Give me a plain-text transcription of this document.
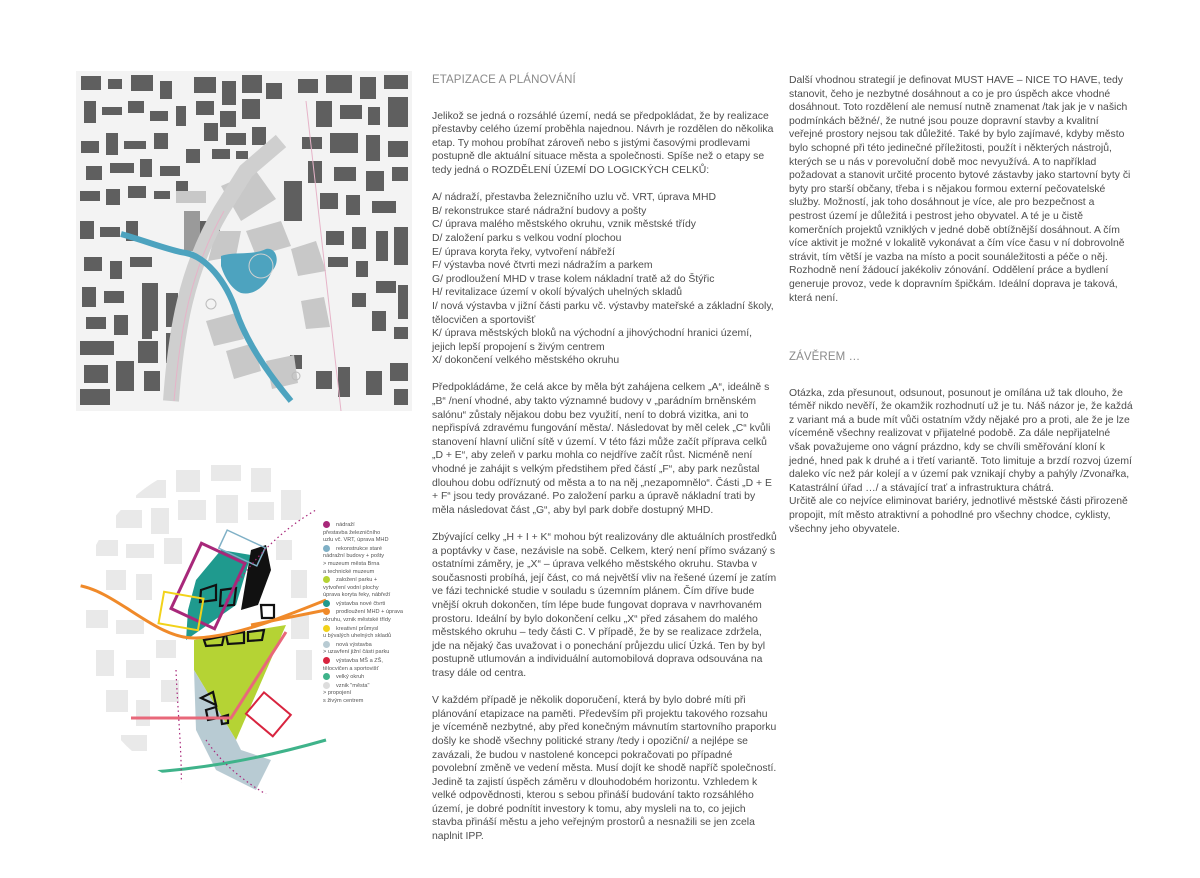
nádraží
přestavba železničního
uzlu vč. VRT, úprava MHD
rekonstrukce staré
nádražní budovy + pošty
> muzeum města Brna
a technické muzeum
založení parku +
vytvoření vodní plochy
úprava koryta řeky, nábřeží
výstavba nové čtvrti
prodloužení MHD + úprava
okruhu, vznik městské třídy
kreativní průmysl
u bývalých uhelných skladů
nová výstavba
> uzavření jižní části parku
výstavba MŠ a ZŠ,
tělocvičen a sportovišť
velký okruh
vznik "města"
> propojení
s živým centrem
ETAPIZACE A PLÁNOVÁNÍ

Jelikož se jedná o rozsáhlé území, nedá se předpokládat, že by realizace přestavby celého území proběhla najednou. Návrh je rozdělen do několika etap. Ty mohou probíhat zároveň nebo s jistými časovými prodlevami postupně dle aktuální situace města a společnosti. Spíše než o etapy se tedy jedná o ROZDĚLENÍ ÚZEMÍ DO LOGICKÝCH CELKŮ:

A/ nádraží, přestavba železničního uzlu vč. VRT, úprava MHD
B/ rekonstrukce staré nádražní budovy a pošty
C/ úprava malého městského okruhu, vznik městské třídy
D/ založení parku s velkou vodní plochou
E/ úprava koryta řeky, vytvoření nábřeží
F/ výstavba nové čtvrti mezi nádražím a parkem
G/ prodloužení MHD v trase kolem nákladní tratě až do Štýřic
H/ revitalizace území v okolí bývalých uhelných skladů
I/ nová výstavba v jižní části parku vč. výstavby mateřské a základní školy, tělocvičen a sportovišť
K/ úprava městských bloků na východní a jihovýchodní hranici území, jejich lepší propojení s živým centrem
X/ dokončení velkého městského okruhu

Předpokládáme, že celá akce by měla být zahájena celkem „A“, ideálně s „B“ /není vhodné, aby takto významné budovy v „parádním brněnském salónu“ zůstaly nějakou dobu bez využití, není to dobrá vizitka, ani to nepřispívá zdravému fungování města/. Následovat by měl celek „C“ kvůli stanovení hlavní uliční sítě v území. V této fázi může začít příprava celků „D + E“, aby zeleň v parku mohla co nejdříve začít růst. Nicméně není vhodné je zahájit s velkým předstihem před částí „F“, aby park nezůstal dlouhou dobu odříznutý od města a to na něj „nezapomnělo“. Části „D + E + F“ jsou tedy provázané. Po založení parku a úpravě nákladní trati by měla následovat část „G“, aby byl park dobře dostupný MHD.

Zbývající celky „H + I + K“ mohou být realizovány dle aktuálních prostředků a poptávky v čase, nezávisle na sobě. Celkem, který není přímo svázaný s ostatními záměry, je „X“ – úprava velkého městského okruhu. Stavba v současnosti probíhá, její část, co má největší vliv na řešené území je zatím ve fázi technické studie v souladu s územním plánem. Čím dříve bude vnější okruh dokončen, tím lépe bude fungovat doprava v navrhovaném prostoru. Ideální by bylo dokončení celku „X“ před zásahem do malého městského okruhu – tedy části C. V případě, že by se realizace zdržela, jde na nějaký čas uvažovat i o ponechání průjezdu ulicí Úzká. Ten by byl postupně utlumován a individuální automobilová doprava odsouvána na trasy dále od centra.

V každém případě je několik doporučení, která by bylo dobré míti při plánování etapizace na paměti. Především při projektu takového rozsahu je víceméně nezbytné, aby před konečným mávnutím startovního praporku došly ke shodě všechny politické strany /tedy i opoziční/ a nejlépe se zavázali, že budou v nastolené koncepci pokračovati po případné povolební změně ve vedení města. Musí dojít ke shodě napříč společností. Jedině ta zajistí úspěch záměru v dlouhodobém horizontu. Vzhledem k velké odpovědnosti, kterou s sebou přináší budování takto rozsáhlého území, je dobré podnítit investory k tomu, aby mysleli na to, co jejich stavba přináší městu a jeho veřejným prostorů a nesnažili se jen zcela naplnit IPP.

Další vhodnou strategií je definovat MUST HAVE – NICE TO HAVE, tedy stanovit, čeho je nezbytné dosáhnout a co je pro úspěch akce vhodné dosáhnout. Toto rozdělení ale nemusí nutně znamenat /tak jak je v našich podmínkách běžné/, že nutné jsou pouze dopravní stavby a kvalitní veřejné prostory nejsou tak důležité. Také by bylo zajímavé, kdyby město bylo schopné při této jedinečné příležitosti, použít i některých nástrojů, kterých se u nás v porevoluční době moc nevyužívá. A to například požadovat a stanovit určité procento bytové zástavby jako startovní byty či byty pro starší občany, třeba i s nějakou formou externí pečovatelské služby. Možností, jak toho dosáhnout je více, ale pro bezpečnost a pestrost území je důležitá i pestrost jeho obyvatel. A té je u čistě komerčních projektů vzniklých v jedné době obtížnější dosáhnout. A čím více aktivit je možné v lokalitě vykonávat a čím více času v ní dobrovolně strávit, tím větší je vazba na místo a pocit sounáležitosti a péče o něj. Rozhodně není žádoucí jakékoliv zónování. Oddělení práce a bydlení generuje provoz, vede k dopravním špičkám. Ideální doprava je taková, která není.

ZÁVĚREM …

Otázka, zda přesunout, odsunout, posunout je omílána už tak dlouho, že téměř nikdo nevěří, že okamžik rozhodnutí už je tu. Náš názor je, že každá z variant má a bude mít vůči ostatním vždy nějaké pro a proti, ale že je lze víceméně všechny realizovat v přijatelné podobě. Za dále nepřijatelné však považujeme ono vágní prázdno, kdy se chvíli směřování kloní k jedné, hned pak k druhé a i třetí variantě. Toto limituje a brzdí rozvoj území daleko víc než pár kolejí a v území pak vznikají chyby a pahýly /Zvonařka, Katastrální úřad …/ a stávající trať a infrastruktura chátrá.

Určitě ale co nejvíce eliminovat bariéry, jednotlivé městské části přirozeně propojit, mít město atraktivní a pohodlné pro všechny chodce, cyklisty, všechny jeho obyvatele.
